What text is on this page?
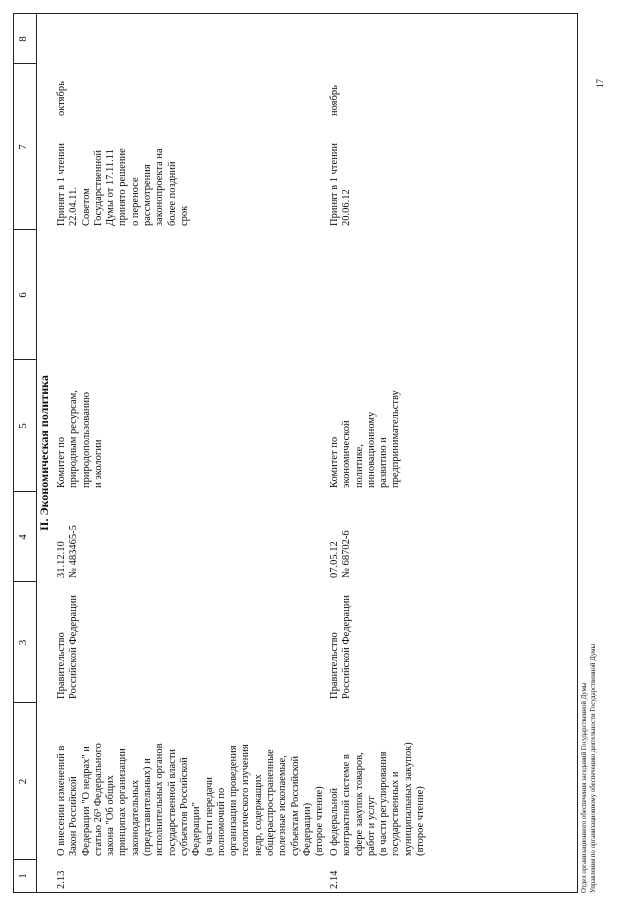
1
2
3
4
5
6
7
8
II. Экономическая политика
2.13
О внесении изменений в
Закон Российской
Федерации "О недрах" и
статью 26³ Федерального
закона "Об общих
принципах организации
законодательных
(представительных) и
исполнительных органов
государственной власти
субъектов Российской
Федерации"
(в части передачи
полномочий по
организации проведения
геологического изучения
недр, содержащих
общераспространенные
полезные ископаемые,
субъектам Российской
Федерации)
(второе чтение)
Правительство
Российской Федерации
31.12.10
№ 483465-5
Комитет по
природным ресурсам,
природопользованию
и экологии
Принят в 1 чтении
22.04.11.
Советом
Государственной
Думы от 17.11.11
принято решение
о переносе
рассмотрения
законопроекта на
более поздний
срок
октябрь
2.14
О федеральной
контрактной системе в
сфере закупок товаров,
работ и услуг
(в части регулирования
государственных и
муниципальных закупок)
(второе чтение)
Правительство
Российской Федерации
07.05.12
№ 68702-6
Комитет по
экономической
политике,
инновационному
развитию и
предпринимательству
Принят в 1 чтении
20.06.12
ноябрь
Отдел организационного обеспечения заседаний Государственной Думы Управления по организационному обеспечению деятельности Государственной Думы
17
